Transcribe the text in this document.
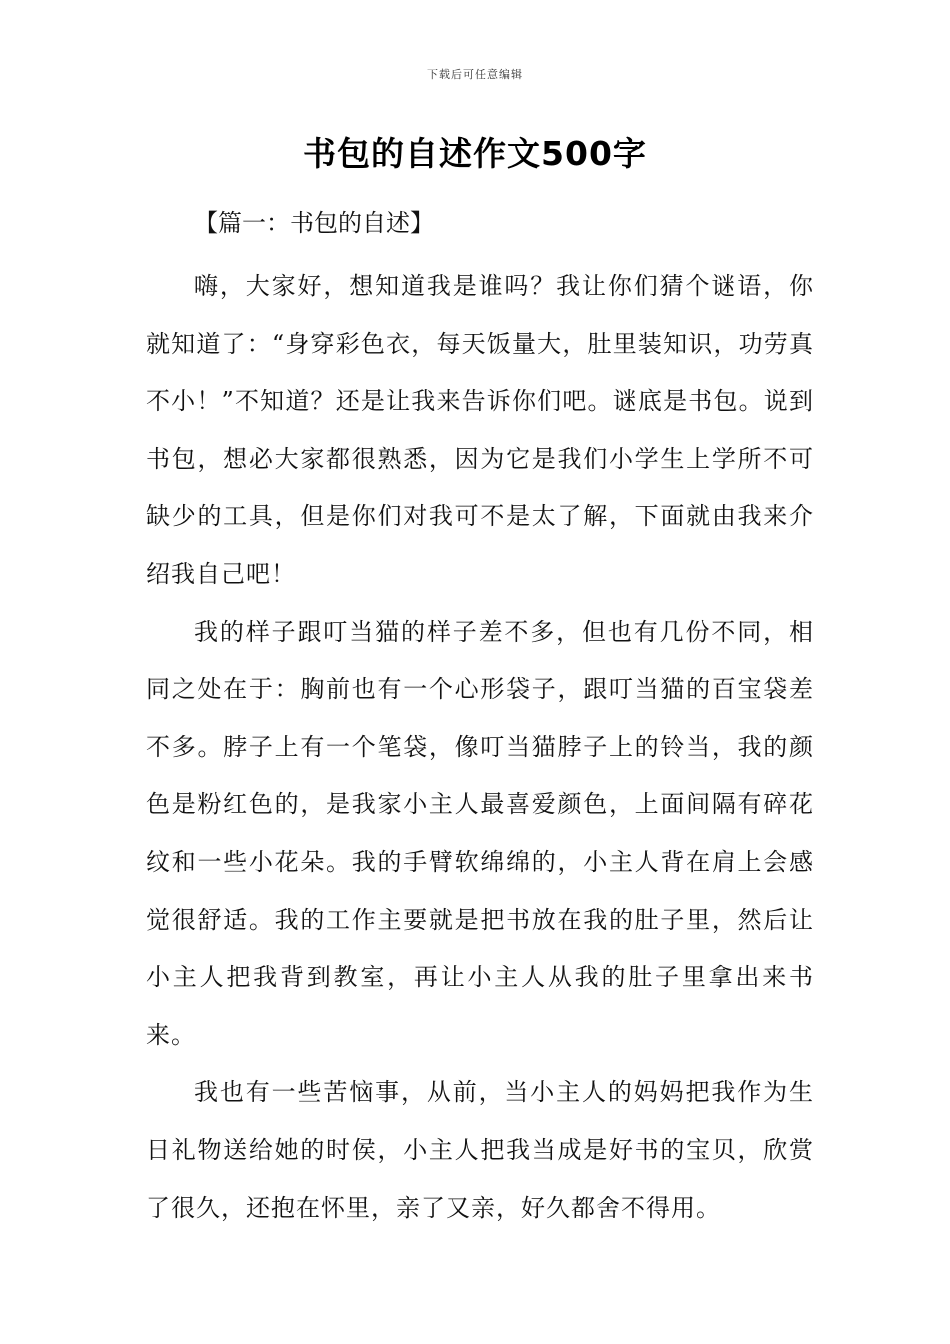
下载后可任意编辑
书包的自述作文500字
【篇一：书包的自述】

嗨，大家好，想知道我是谁吗？我让你们猜个谜语，你就知道了：“身穿彩色衣，每天饭量大，肚里装知识，功劳真不小！”不知道？还是让我来告诉你们吧。谜底是书包。说到书包，想必大家都很熟悉，因为它是我们小学生上学所不可缺少的工具，但是你们对我可不是太了解，下面就由我来介绍我自己吧！

我的样子跟叮当猫的样子差不多，但也有几份不同，相同之处在于：胸前也有一个心形袋子，跟叮当猫的百宝袋差不多。脖子上有一个笔袋，像叮当猫脖子上的铃当，我的颜色是粉红色的，是我家小主人最喜爱颜色，上面间隔有碎花纹和一些小花朵。我的手臂软绵绵的，小主人背在肩上会感觉很舒适。我的工作主要就是把书放在我的肚子里，然后让小主人把我背到教室，再让小主人从我的肚子里拿出来书来。

我也有一些苦恼事，从前，当小主人的妈妈把我作为生日礼物送给她的时侯，小主人把我当成是好书的宝贝，欣赏了很久，还抱在怀里，亲了又亲，好久都舍不得用。
